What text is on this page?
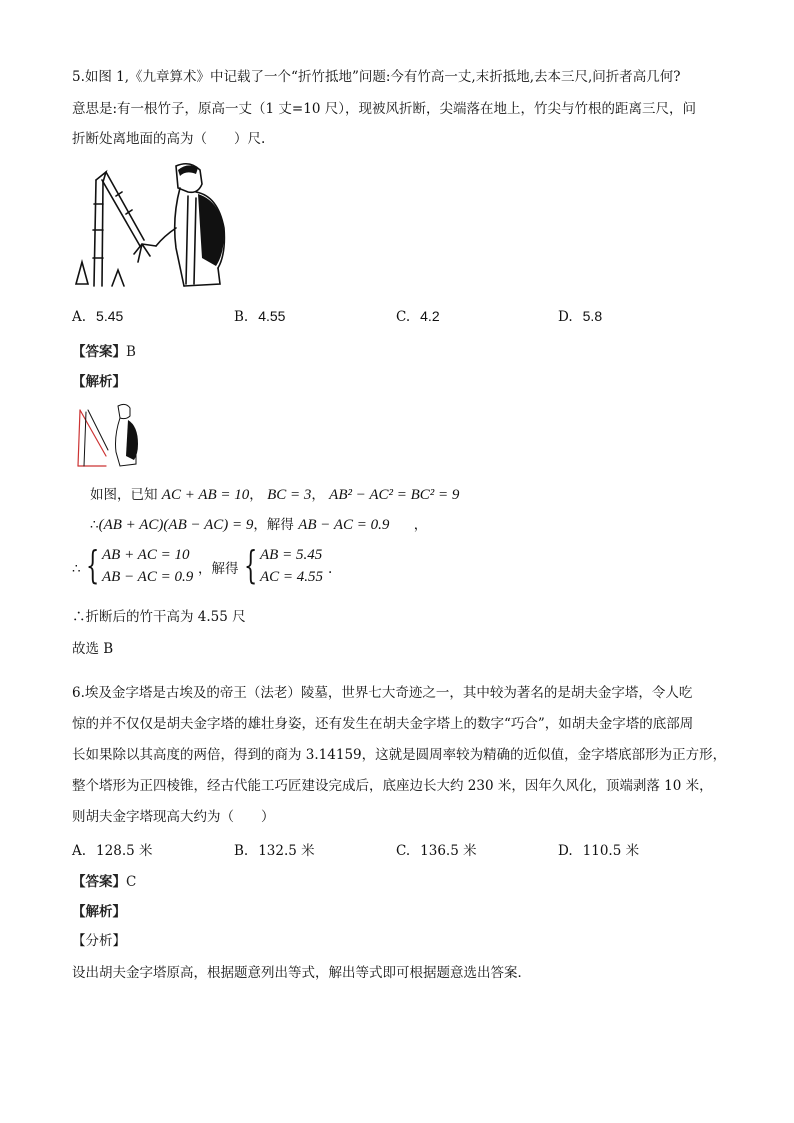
5.如图 1,《九章算术》中记载了一个“折竹抵地”问题:今有竹高一丈,末折抵地,去本三尺,问折者高几何?
意思是:有一根竹子，原高一丈（1 丈=10 尺），现被风折断，尖端落在地上，竹尖与竹根的距离三尺，问
折断处离地面的高为（　　）尺.
A. 5.45	B. 4.55	C. 4.2	D. 5.8
【答案】B
【解析】
如图，已知 AC + AB = 10， BC = 3， AB² − AC² = BC² = 9
∴(AB + AC)(AB − AC) = 9，解得 AB − AC = 0.9 ，
∴ { AB + AC = 10
AB − AC = 0.9 ，解得 { AB = 5.45
AC = 4.55 .
∴折断后的竹干高为 4.55 尺
故选 B
6.埃及金字塔是古埃及的帝王（法老）陵墓，世界七大奇迹之一，其中较为著名的是胡夫金字塔，令人吃
惊的并不仅仅是胡夫金字塔的雄壮身姿，还有发生在胡夫金字塔上的数字“巧合”，如胡夫金字塔的底部周
长如果除以其高度的两倍，得到的商为 3.14159，这就是圆周率较为精确的近似值，金字塔底部形为正方形，
整个塔形为正四棱锥，经古代能工巧匠建设完成后，底座边长大约 230 米，因年久风化，顶端剥落 10 米，
则胡夫金字塔现高大约为（　　）
A. 128.5 米	B. 132.5 米	C. 136.5 米	D. 110.5 米
【答案】C
【解析】
【分析】
设出胡夫金字塔原高，根据题意列出等式，解出等式即可根据题意选出答案．
